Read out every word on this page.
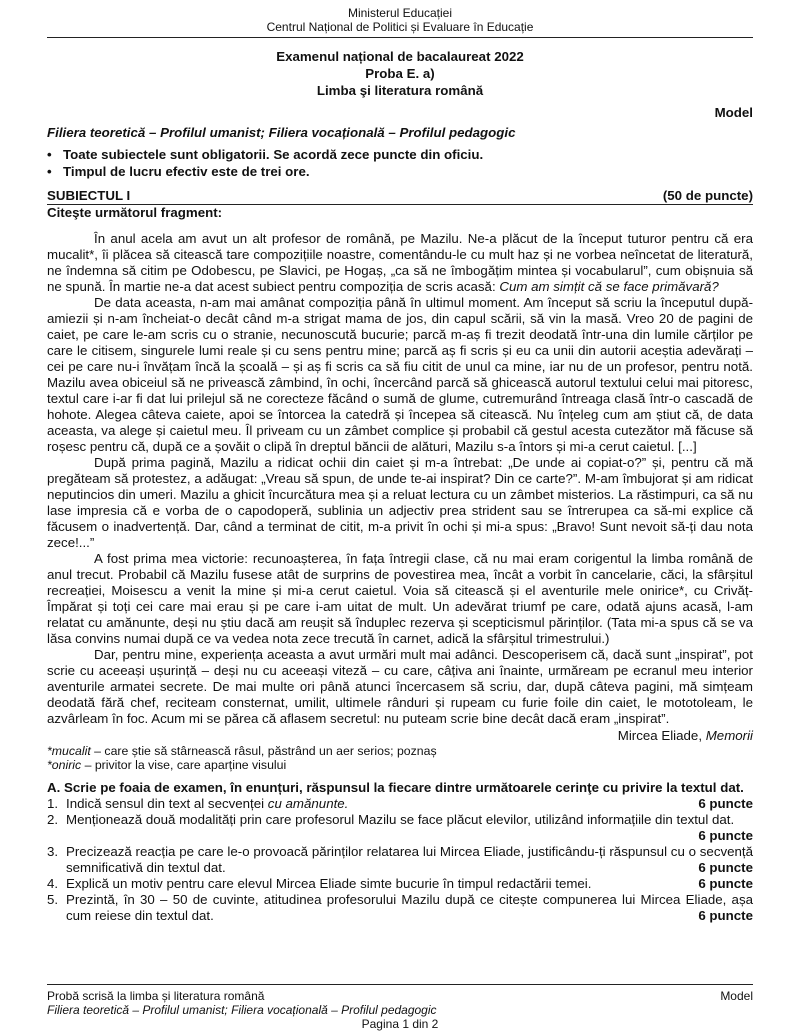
Ministerul Educației
Centrul Național de Politici și Evaluare în Educație
Examenul național de bacalaureat 2022
Proba E. a)
Limba şi literatura română
Model
Filiera teoretică – Profilul umanist; Filiera vocațională – Profilul pedagogic
• Toate subiectele sunt obligatorii. Se acordă zece puncte din oficiu.
• Timpul de lucru efectiv este de trei ore.
SUBIECTUL I	(50 de puncte)
Citeşte următorul fragment:

În anul acela am avut un alt profesor de română, pe Mazilu. Ne-a plăcut de la început tuturor pentru că era mucalit*, îi plăcea să citească tare compozițiile noastre, comentându-le cu mult haz și ne vorbea neîncetat de literatură, ne îndemna să citim pe Odobescu, pe Slavici, pe Hogaș, „ca să ne îmbogățim mintea și vocabularul”, cum obișnuia să ne spună. În martie ne-a dat acest subiect pentru compoziția de scris acasă: Cum am simțit că se face primăvară?

De data aceasta, n-am mai amânat compoziția până în ultimul moment. Am început să scriu la începutul după-amiezii și n-am încheiat-o decât când m-a strigat mama de jos, din capul scării, să vin la masă. Vreo 20 de pagini de caiet, pe care le-am scris cu o stranie, necunoscută bucurie; parcă m-aș fi trezit deodată într-una din lumile cărților pe care le citisem, singurele lumi reale și cu sens pentru mine; parcă aș fi scris și eu ca unii din autorii aceștia adevărați – cei pe care nu-i învățam încă la școală – și aș fi scris ca să fiu citit de unul ca mine, iar nu de un profesor, pentru notă. Mazilu avea obiceiul să ne privească zâmbind, în ochi, încercând parcă să ghicească autorul textului celui mai pitoresc, textul care i-ar fi dat lui prilejul să ne corecteze făcând o sumă de glume, cutremurând întreaga clasă într-o cascadă de hohote. Alegea câteva caiete, apoi se întorcea la catedră și începea să citească. Nu înțeleg cum am știut că, de data aceasta, va alege și caietul meu. Îl priveam cu un zâmbet complice și probabil că gestul acesta cutezător mă făcuse să roșesc pentru că, după ce a șovăit o clipă în dreptul băncii de alături, Mazilu s-a întors și mi-a cerut caietul. [...]

După prima pagină, Mazilu a ridicat ochii din caiet și m-a întrebat: „De unde ai copiat-o?” și, pentru că mă pregăteam să protestez, a adăugat: „Vreau să spun, de unde te-ai inspirat? Din ce carte?”. M-am îmbujorat și am ridicat neputincios din umeri. Mazilu a ghicit încurcătura mea și a reluat lectura cu un zâmbet misterios. La răstimpuri, ca să nu lase impresia că e vorba de o capodoperă, sublinia un adjectiv prea strident sau se întrerupea ca să-mi explice că făcusem o inadvertență. Dar, când a terminat de citit, m-a privit în ochi și mi-a spus: „Bravo! Sunt nevoit să-ți dau nota zece!...”

A fost prima mea victorie: recunoașterea, în fața întregii clase, că nu mai eram corigentul la limba română de anul trecut. Probabil că Mazilu fusese atât de surprins de povestirea mea, încât a vorbit în cancelarie, căci, la sfârșitul recreației, Moisescu a venit la mine și mi-a cerut caietul. Voia să citească și el aventurile mele onirice*, cu Crivăț-Împărat și toți cei care mai erau și pe care i-am uitat de mult. Un adevărat triumf pe care, odată ajuns acasă, l-am relatat cu amănunte, deși nu știu dacă am reușit să înduplec rezerva și scepticismul părinților. (Tata mi-a spus că se va lăsa convins numai după ce va vedea nota zece trecută în carnet, adică la sfârșitul trimestrului.)

Dar, pentru mine, experiența aceasta a avut urmări mult mai adânci. Descoperisem că, dacă sunt „inspirat”, pot scrie cu aceeași ușurință – deși nu cu aceeași viteză – cu care, câțiva ani înainte, urmăream pe ecranul meu interior aventurile armatei secrete. De mai multe ori până atunci încercasem să scriu, dar, după câteva pagini, mă simțeam deodată fără chef, reciteam consternat, umilit, ultimele rânduri și rupeam cu furie foile din caiet, le mototoleam, le azvârleam în foc. Acum mi se părea că aflasem secretul: nu puteam scrie bine decât dacă eram „inspirat”.

Mircea Eliade, Memorii
*mucalit – care știe să stârnească râsul, păstrând un aer serios; poznaș
*oniric – privitor la vise, care aparține visului
A. Scrie pe foaia de examen, în enunțuri, răspunsul la fiecare dintre următoarele cerinţe cu privire la textul dat.
1. Indică sensul din text al secvenței cu amănunte.	6 puncte
2. Menționează două modalități prin care profesorul Mazilu se face plăcut elevilor, utilizând informațiile din textul dat.
6 puncte
3. Precizează reacția pe care le-o provoacă părinților relatarea lui Mircea Eliade, justificându-ți răspunsul cu o secvență semnificativă din textul dat.	6 puncte
4. Explică un motiv pentru care elevul Mircea Eliade simte bucurie în timpul redactării temei.	6 puncte
5. Prezintă, în 30 – 50 de cuvinte, atitudinea profesorului Mazilu după ce citește compunerea lui Mircea Eliade, așa cum reiese din textul dat.	6 puncte
Probă scrisă la limba și literatura română	Model
Filiera teoretică – Profilul umanist; Filiera vocațională – Profilul pedagogic
Pagina 1 din 2
